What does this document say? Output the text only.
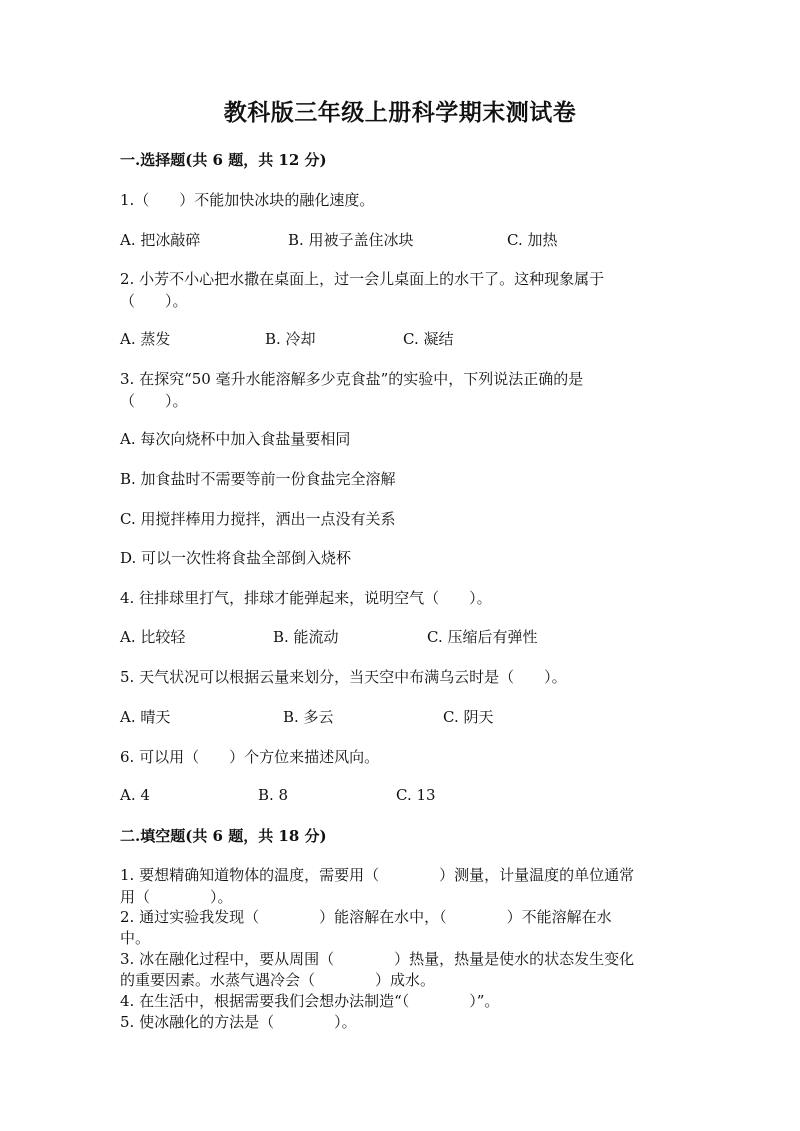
教科版三年级上册科学期末测试卷
一.选择题(共 6 题，共 12 分)
1.（　　）不能加快冰块的融化速度。
A. 把冰敲碎	B. 用被子盖住冰块	C. 加热
2. 小芳不小心把水撒在桌面上，过一会儿桌面上的水干了。这种现象属于
（　　）。
A. 蒸发	B. 冷却	C. 凝结
3. 在探究“50 毫升水能溶解多少克食盐”的实验中，下列说法正确的是
（　　）。
A. 每次向烧杯中加入食盐量要相同
B. 加食盐时不需要等前一份食盐完全溶解
C. 用搅拌棒用力搅拌，洒出一点没有关系
D. 可以一次性将食盐全部倒入烧杯
4. 往排球里打气，排球才能弹起来，说明空气（　　）。
A. 比较轻	B. 能流动	C. 压缩后有弹性
5. 天气状况可以根据云量来划分，当天空中布满乌云时是（　　）。
A. 晴天	B. 多云	C. 阴天
6. 可以用（　　）个方位来描述风向。
A. 4	B. 8	C. 13
二.填空题(共 6 题，共 18 分)
1. 要想精确知道物体的温度，需要用（　　　　）测量，计量温度的单位通常
用（　　　　）。
2. 通过实验我发现（　　　　）能溶解在水中，（　　　　）不能溶解在水
中。
3. 冰在融化过程中，要从周围（　　　　）热量，热量是使水的状态发生变化
的重要因素。水蒸气遇冷会（　　　　）成水。
4. 在生活中，根据需要我们会想办法制造“（　　　　）”。
5. 使冰融化的方法是（　　　　）。
